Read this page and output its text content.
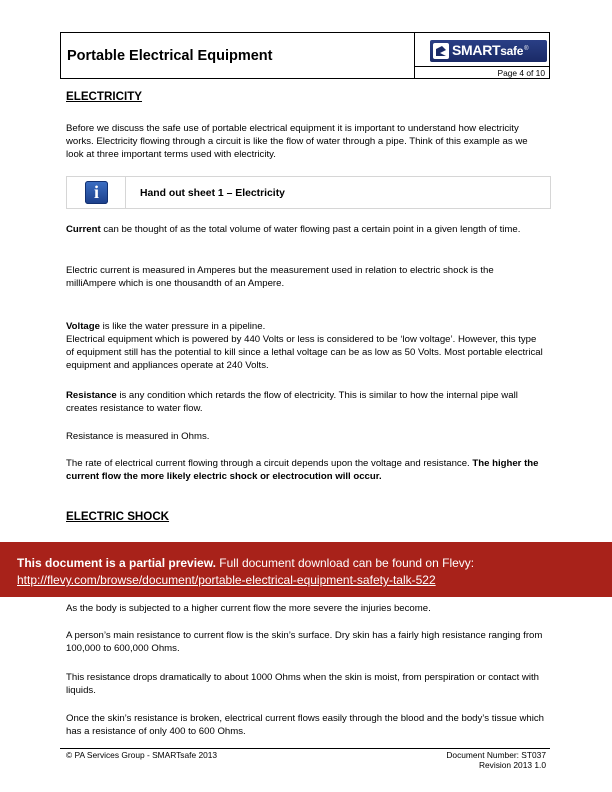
Portable Electrical Equipment	SMARTsafe ®
Page 4 of 10
ELECTRICITY

Before we discuss the safe use of portable electrical equipment it is important to understand how electricity works. Electricity flowing through a circuit is like the flow of water through a pipe. Think of this example as we look at three important terms used with electricity.

i	Hand out sheet 1 – Electricity

Current can be thought of as the total volume of water flowing past a certain point in a given length of time.

Electric current is measured in Amperes but the measurement used in relation to electric shock is the milliAmpere which is one thousandth of an Ampere.

Voltage is like the water pressure in a pipeline.
Electrical equipment which is powered by 440 Volts or less is considered to be ‘low voltage’. However, this type of equipment still has the potential to kill since a lethal voltage can be as low as 50 Volts. Most portable electrical equipment and appliances operate at 240 Volts.

Resistance is any condition which retards the flow of electricity. This is similar to how the internal pipe wall creates resistance to water flow.

Resistance is measured in Ohms.

The rate of electrical current flowing through a circuit depends upon the voltage and resistance. The higher the current flow the more likely electric shock or electrocution will occur.

ELECTRIC SHOCK
This document is a partial preview. Full document download can be found on Flevy:
http://flevy.com/browse/document/portable-electrical-equipment-safety-talk-522

As the body is subjected to a higher current flow the more severe the injuries become.

A person’s main resistance to current flow is the skin’s surface. Dry skin has a fairly high resistance ranging from 100,000 to 600,000 Ohms.

This resistance drops dramatically to about 1000 Ohms when the skin is moist, from perspiration or contact with liquids.

Once the skin’s resistance is broken, electrical current flows easily through the blood and the body’s tissue which has a resistance of only 400 to 600 Ohms.

© PA Services Group - SMARTsafe 2013	Document Number: ST037
Revision 2013 1.0
